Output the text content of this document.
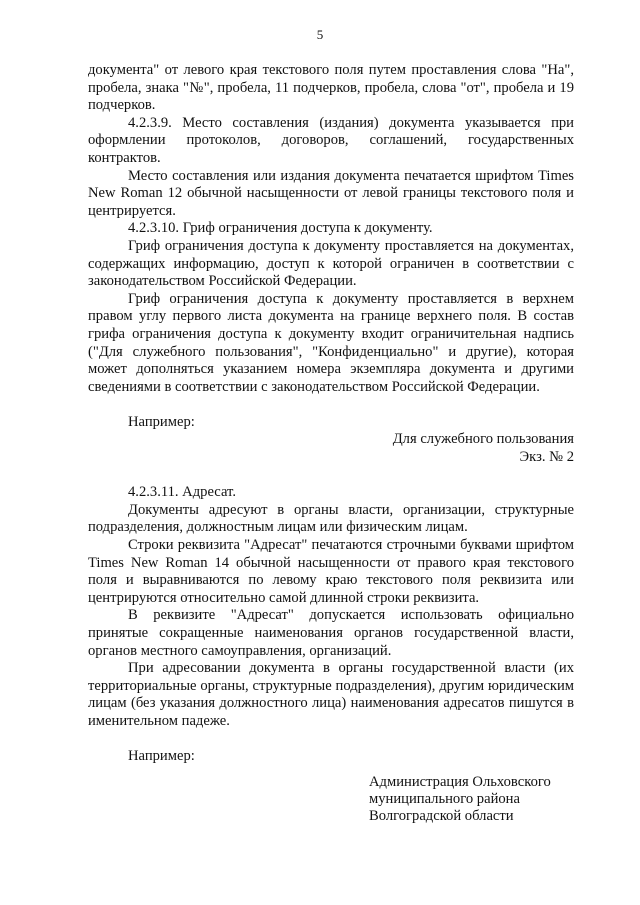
5

документа" от левого края текстового поля путем проставления слова "На", пробела, знака "№", пробела, 11 подчерков, пробела, слова "от", пробела и 19 подчерков.

4.2.3.9. Место составления (издания) документа указывается при оформлении протоколов, договоров, соглашений, государственных контрактов.

Место составления или издания документа печатается шрифтом Times New Roman 12 обычной насыщенности от левой границы текстового поля и центрируется.

4.2.3.10. Гриф ограничения доступа к документу.

Гриф ограничения доступа к документу проставляется на документах, содержащих информацию, доступ к которой ограничен в соответствии с законодательством Российской Федерации.

Гриф ограничения доступа к документу проставляется в верхнем правом углу первого листа документа на границе верхнего поля. В состав грифа ограничения доступа к документу входит ограничительная надпись ("Для служебного пользования", "Конфиденциально" и другие), которая может дополняться указанием номера экземпляра документа и другими сведениями в соответствии с законодательством Российской Федерации.

Например:

Для служебного пользования
Экз. № 2

4.2.3.11. Адресат.

Документы адресуют в органы власти, организации, структурные подразделения, должностным лицам или физическим лицам.

Строки реквизита "Адресат" печатаются строчными буквами шрифтом Times New Roman 14 обычной насыщенности от правого края текстового поля и выравниваются по левому краю текстового поля реквизита или центрируются относительно самой длинной строки реквизита.

В реквизите "Адресат" допускается использовать официально принятые сокращенные наименования органов государственной власти, органов местного самоуправления, организаций.

При адресовании документа в органы государственной власти (их территориальные органы, структурные подразделения), другим юридическим лицам (без указания должностного лица) наименования адресатов пишутся в именительном падеже.

Например:

Администрация Ольховского
муниципального района
Волгоградской области
